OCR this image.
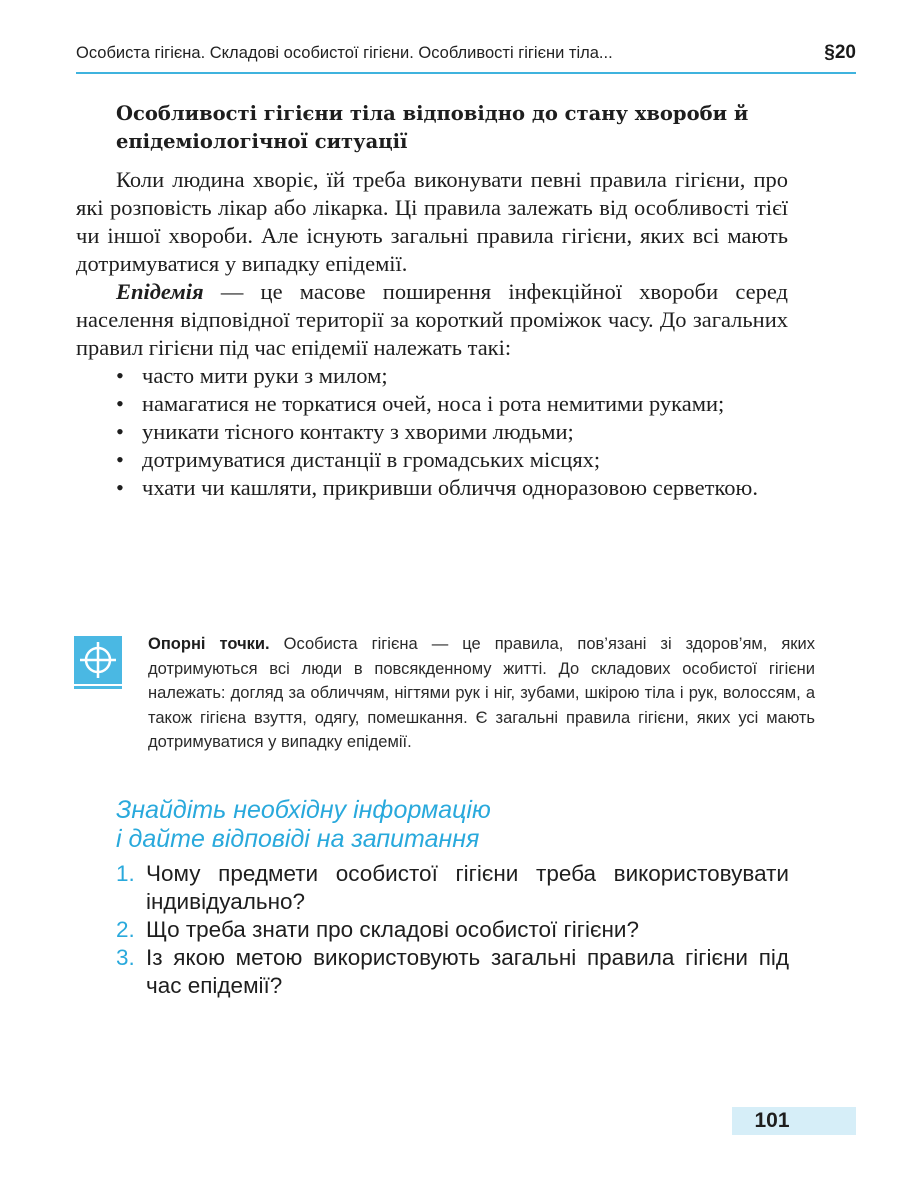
Особиста гігієна. Складові особистої гігієни. Особливості гігієни тіла...	§20
Особливості гігієни тіла відповідно до стану хвороби й епідеміологічної ситуації

Коли людина хворіє, їй треба виконувати певні правила гігієни, про які розповість лікар або лікарка. Ці правила залежать від особливості тієї чи іншої хвороби. Але існують загальні правила гігієни, яких всі мають дотримуватися у випадку епідемії.

Епідемія — це масове поширення інфекційної хвороби серед населення відповідної території за короткий проміжок часу. До загальних правил гігієни під час епідемії належать такі:

• часто мити руки з милом;
• намагатися не торкатися очей, носа і рота немитими руками;
• уникати тісного контакту з хворими людьми;
• дотримуватися дистанції в громадських місцях;
• чхати чи кашляти, прикривши обличчя одноразовою серветкою.
Опорні точки. Особиста гігієна — це правила, пов’язані зі здоров’ям, яких дотримуються всі люди в повсякденному житті. До складових особистої гігієни належать: догляд за обличчям, нігтями рук і ніг, зубами, шкірою тіла і рук, волоссям, а також гігієна взуття, одягу, помешкання. Є загальні правила гігієни, яких усі мають дотримуватися у випадку епідемії.
Знайдіть необхідну інформацію
і дайте відповіді на запитання
1. Чому предмети особистої гігієни треба використовувати індивідуально?
2. Що треба знати про складові особистої гігієни?
3. Із якою метою використовують загальні правила гігієни під час епідемії?
101
